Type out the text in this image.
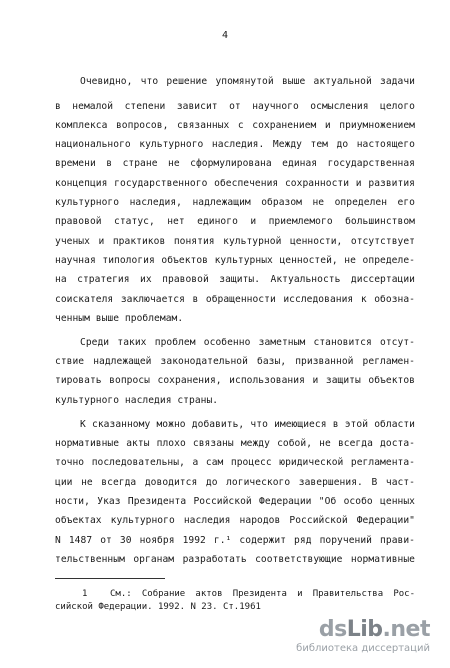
4
Очевидно, что решение упомянутой выше актуальной задачи
в немалой степени зависит от научного осмысления целого
комплекса вопросов, связанных с сохранением и приумножением
национального культурного наследия. Между тем до настоящего
времени в стране не сформулирована единая государственная
концепция государственного обеспечения сохранности и развития
культурного наследия, надлежащим образом не определен его
правовой статус, нет единого и приемлемого большинством
ученых и практиков понятия культурной ценности, отсутствует
научная типология объектов культурных ценностей, не определе-
на стратегия их правовой защиты. Актуальность диссертации
соискателя заключается в обращенности исследования к обозна-
ченным выше проблемам.
Среди таких проблем особенно заметным становится отсут-
ствие надлежащей законодательной базы, призванной регламен-
тировать вопросы сохранения, использования и защиты объектов
культурного наследия страны.
К сказанному можно добавить, что имеющиеся в этой области
нормативные акты плохо связаны между собой, не всегда доста-
точно последовательны, а сам процесс юридической регламента-
ции не всегда доводится до логического завершения. В част-
ности, Указ Президента Российской Федерации "Об особо ценных
объектах культурного наследия народов Российской Федерации"
N 1487 от 30 ноября 1992 г.¹ содержит ряд поручений прави-
тельственным органам разработать соответствующие нормативные
1	См.: Собрание актов Президента и Правительства Рос-
сийской Федерации. 1992. N 23. Ст.1961
dsLib.net
библиотека диссертаций
